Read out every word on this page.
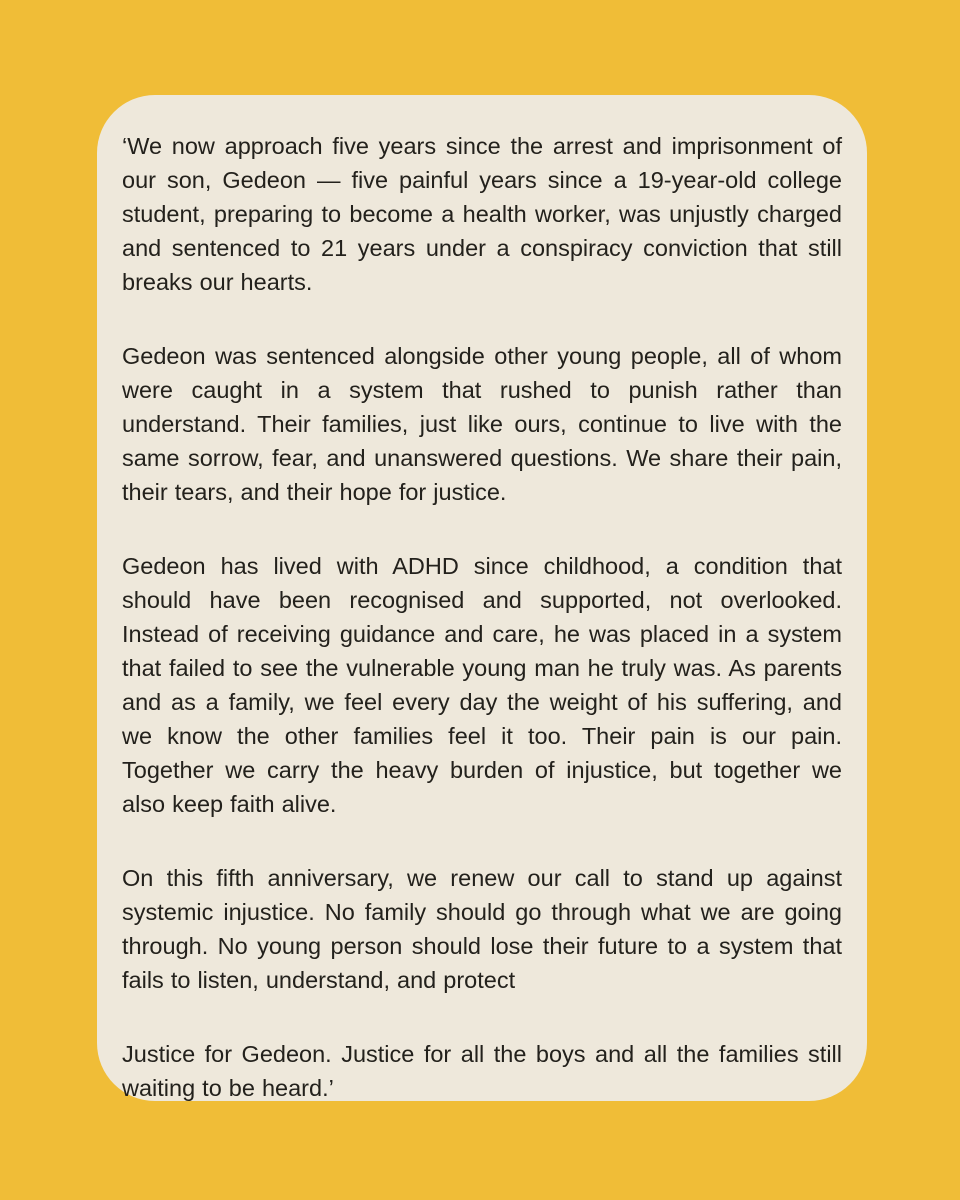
‘We now approach five years since the arrest and imprisonment of our son, Gedeon — five painful years since a 19-year-old college student, preparing to become a health worker, was unjustly charged and sentenced to 21 years under a conspiracy conviction that still breaks our hearts.

Gedeon was sentenced alongside other young people, all of whom were caught in a system that rushed to punish rather than understand. Their families, just like ours, continue to live with the same sorrow, fear, and unanswered questions. We share their pain, their tears, and their hope for justice.

Gedeon has lived with ADHD since childhood, a condition that should have been recognised and supported, not overlooked. Instead of receiving guidance and care, he was placed in a system that failed to see the vulnerable young man he truly was. As parents and as a family, we feel every day the weight of his suffering, and we know the other families feel it too. Their pain is our pain. Together we carry the heavy burden of injustice, but together we also keep faith alive.

On this fifth anniversary, we renew our call to stand up against systemic injustice. No family should go through what we are going through. No young person should lose their future to a system that fails to listen, understand, and protect

Justice for Gedeon. Justice for all the boys and all the families still waiting to be heard.’
